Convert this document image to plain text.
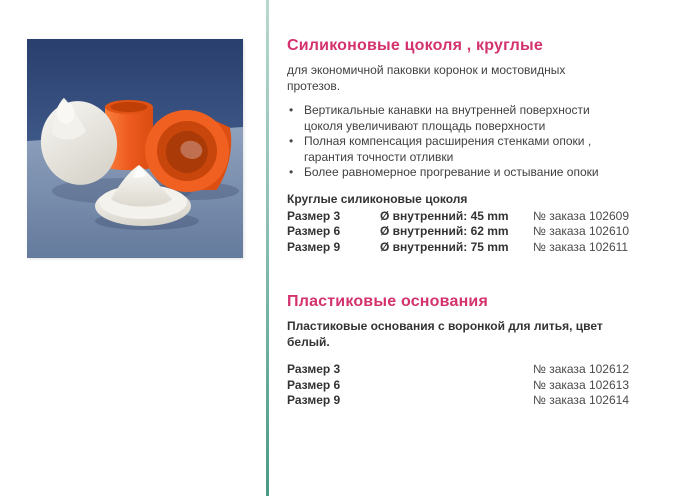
Силиконовые цоколя , круглые

для экономичной паковки коронок и мостовидных протезов.

• Вертикальные канавки на внутренней поверхности цоколя увеличивают площадь поверхности
• Полная компенсация расширения стенками опоки , гарантия точности отливки
• Более равномерное прогревание и остывание опоки
Круглые силиконовые цоколя
Размер 3	Ø внутренний: 45 mm	№ заказа 102609
Размер 6	Ø внутренний: 62 mm	№ заказа 102610
Размер 9	Ø внутренний: 75 mm	№ заказа 102611
Пластиковые основания

Пластиковые основания с воронкой для литья, цвет белый.

Размер 3	№ заказа 102612
Размер 6	№ заказа 102613
Размер 9	№ заказа 102614
